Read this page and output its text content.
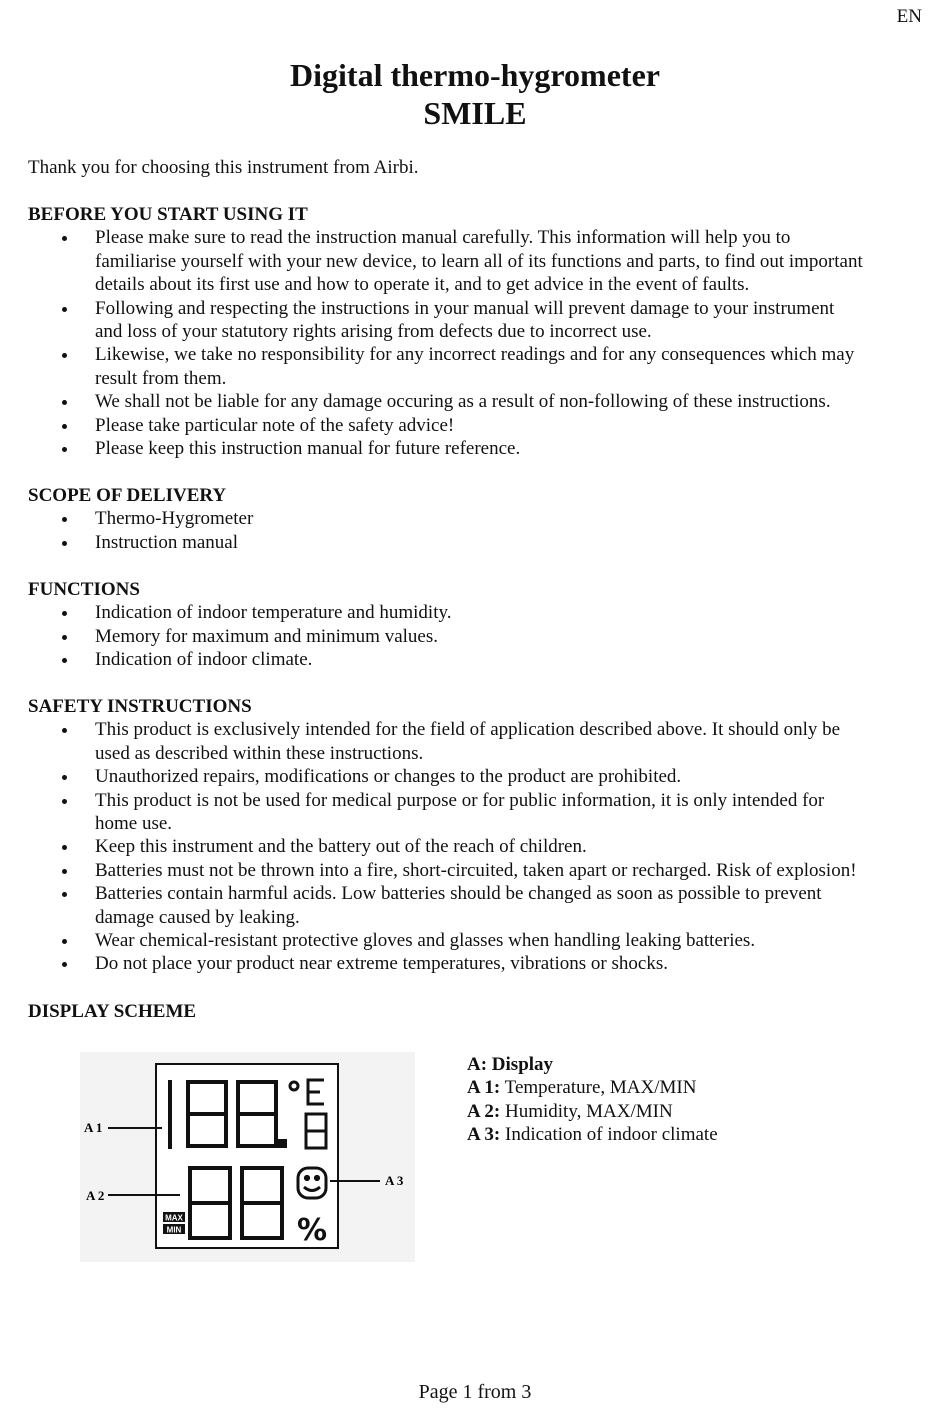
EN
Digital thermo-hygrometer
SMILE
Thank you for choosing this instrument from Airbi.
BEFORE YOU START USING IT
Please make sure to read the instruction manual carefully. This information will help you to
familiarise yourself with your new device, to learn all of its functions and parts, to find out important
details about its first use and how to operate it, and to get advice in the event of faults.
Following and respecting the instructions in your manual will prevent damage to your instrument
and loss of your statutory rights arising from defects due to incorrect use.
Likewise, we take no responsibility for any incorrect readings and for any consequences which may
result from them.
We shall not be liable for any damage occuring as a result of non-following of these instructions.
Please take particular note of the safety advice!
Please keep this instruction manual for future reference.
SCOPE OF DELIVERY
Thermo-Hygrometer
Instruction manual
FUNCTIONS
Indication of indoor temperature and humidity.
Memory for maximum and minimum values.
Indication of indoor climate.
SAFETY INSTRUCTIONS
This product is exclusively intended for the field of application described above. It should only be
used as described within these instructions.
Unauthorized repairs, modifications or changes to the product are prohibited.
This product is not be used for medical purpose or for public information, it is only intended for
home use.
Keep this instrument and the battery out of the reach of children.
Batteries must not be thrown into a fire, short-circuited, taken apart or recharged. Risk of explosion!
Batteries contain harmful acids. Low batteries should be changed as soon as possible to prevent
damage caused by leaking.
Wear chemical-resistant protective gloves and glasses when handling leaking batteries.
Do not place your product near extreme temperatures, vibrations or shocks.
DISPLAY SCHEME
A 1
A 2
A 3
MAX
MIN	%
A: Display
A 1: Temperature, MAX/MIN
A 2: Humidity, MAX/MIN
A 3: Indication of indoor climate
Page 1 from 3
